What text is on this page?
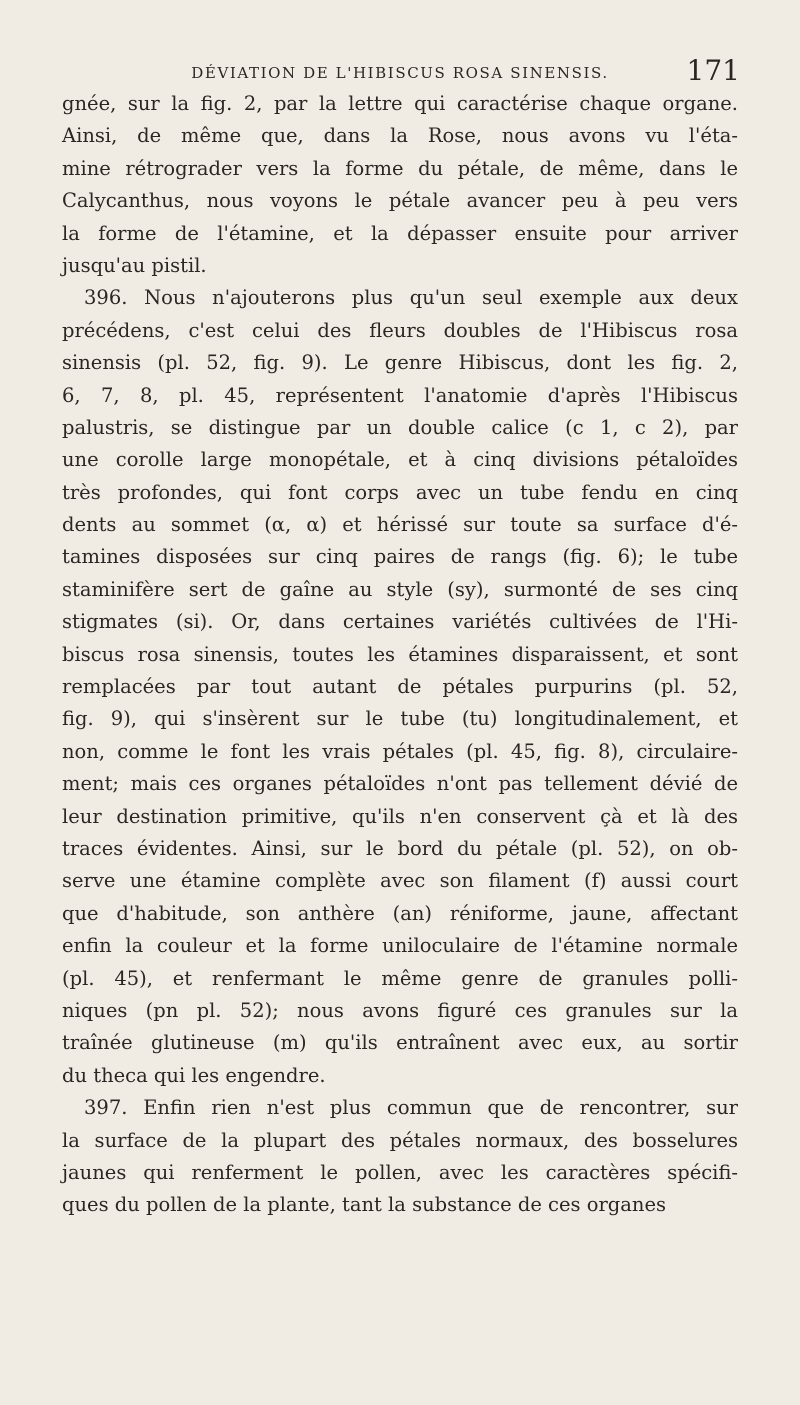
DÉVIATION DE L'HIBISCUS ROSA SINENSIS.	171
gnée, sur la fig. 2, par la lettre qui caractérise chaque organe.
Ainsi, de même que, dans la Rose, nous avons vu l'éta-
mine rétrograder vers la forme du pétale, de même, dans le
Calycanthus, nous voyons le pétale avancer peu à peu vers
la forme de l'étamine, et la dépasser ensuite pour arriver
jusqu'au pistil.
396. Nous n'ajouterons plus qu'un seul exemple aux deux
précédens, c'est celui des fleurs doubles de l'Hibiscus rosa
sinensis (pl. 52, fig. 9). Le genre Hibiscus, dont les fig. 2,
6, 7, 8, pl. 45, représentent l'anatomie d'après l'Hibiscus
palustris, se distingue par un double calice (c 1, c 2), par
une corolle large monopétale, et à cinq divisions pétaloïdes
très profondes, qui font corps avec un tube fendu en cinq
dents au sommet (α, α) et hérissé sur toute sa surface d'é-
tamines disposées sur cinq paires de rangs (fig. 6); le tube
staminifère sert de gaîne au style (sy), surmonté de ses cinq
stigmates (si). Or, dans certaines variétés cultivées de l'Hi-
biscus rosa sinensis, toutes les étamines disparaissent, et sont
remplacées par tout autant de pétales purpurins (pl. 52,
fig. 9), qui s'insèrent sur le tube (tu) longitudinalement, et
non, comme le font les vrais pétales (pl. 45, fig. 8), circulaire-
ment; mais ces organes pétaloïdes n'ont pas tellement dévié de
leur destination primitive, qu'ils n'en conservent çà et là des
traces évidentes. Ainsi, sur le bord du pétale (pl. 52), on ob-
serve une étamine complète avec son filament (f) aussi court
que d'habitude, son anthère (an) réniforme, jaune, affectant
enfin la couleur et la forme uniloculaire de l'étamine normale
(pl. 45), et renfermant le même genre de granules polli-
niques (pn pl. 52); nous avons figuré ces granules sur la
traînée glutineuse (m) qu'ils entraînent avec eux, au sortir
du theca qui les engendre.
397. Enfin rien n'est plus commun que de rencontrer, sur
la surface de la plupart des pétales normaux, des bosselures
jaunes qui renferment le pollen, avec les caractères spécifi-
ques du pollen de la plante, tant la substance de ces organes
